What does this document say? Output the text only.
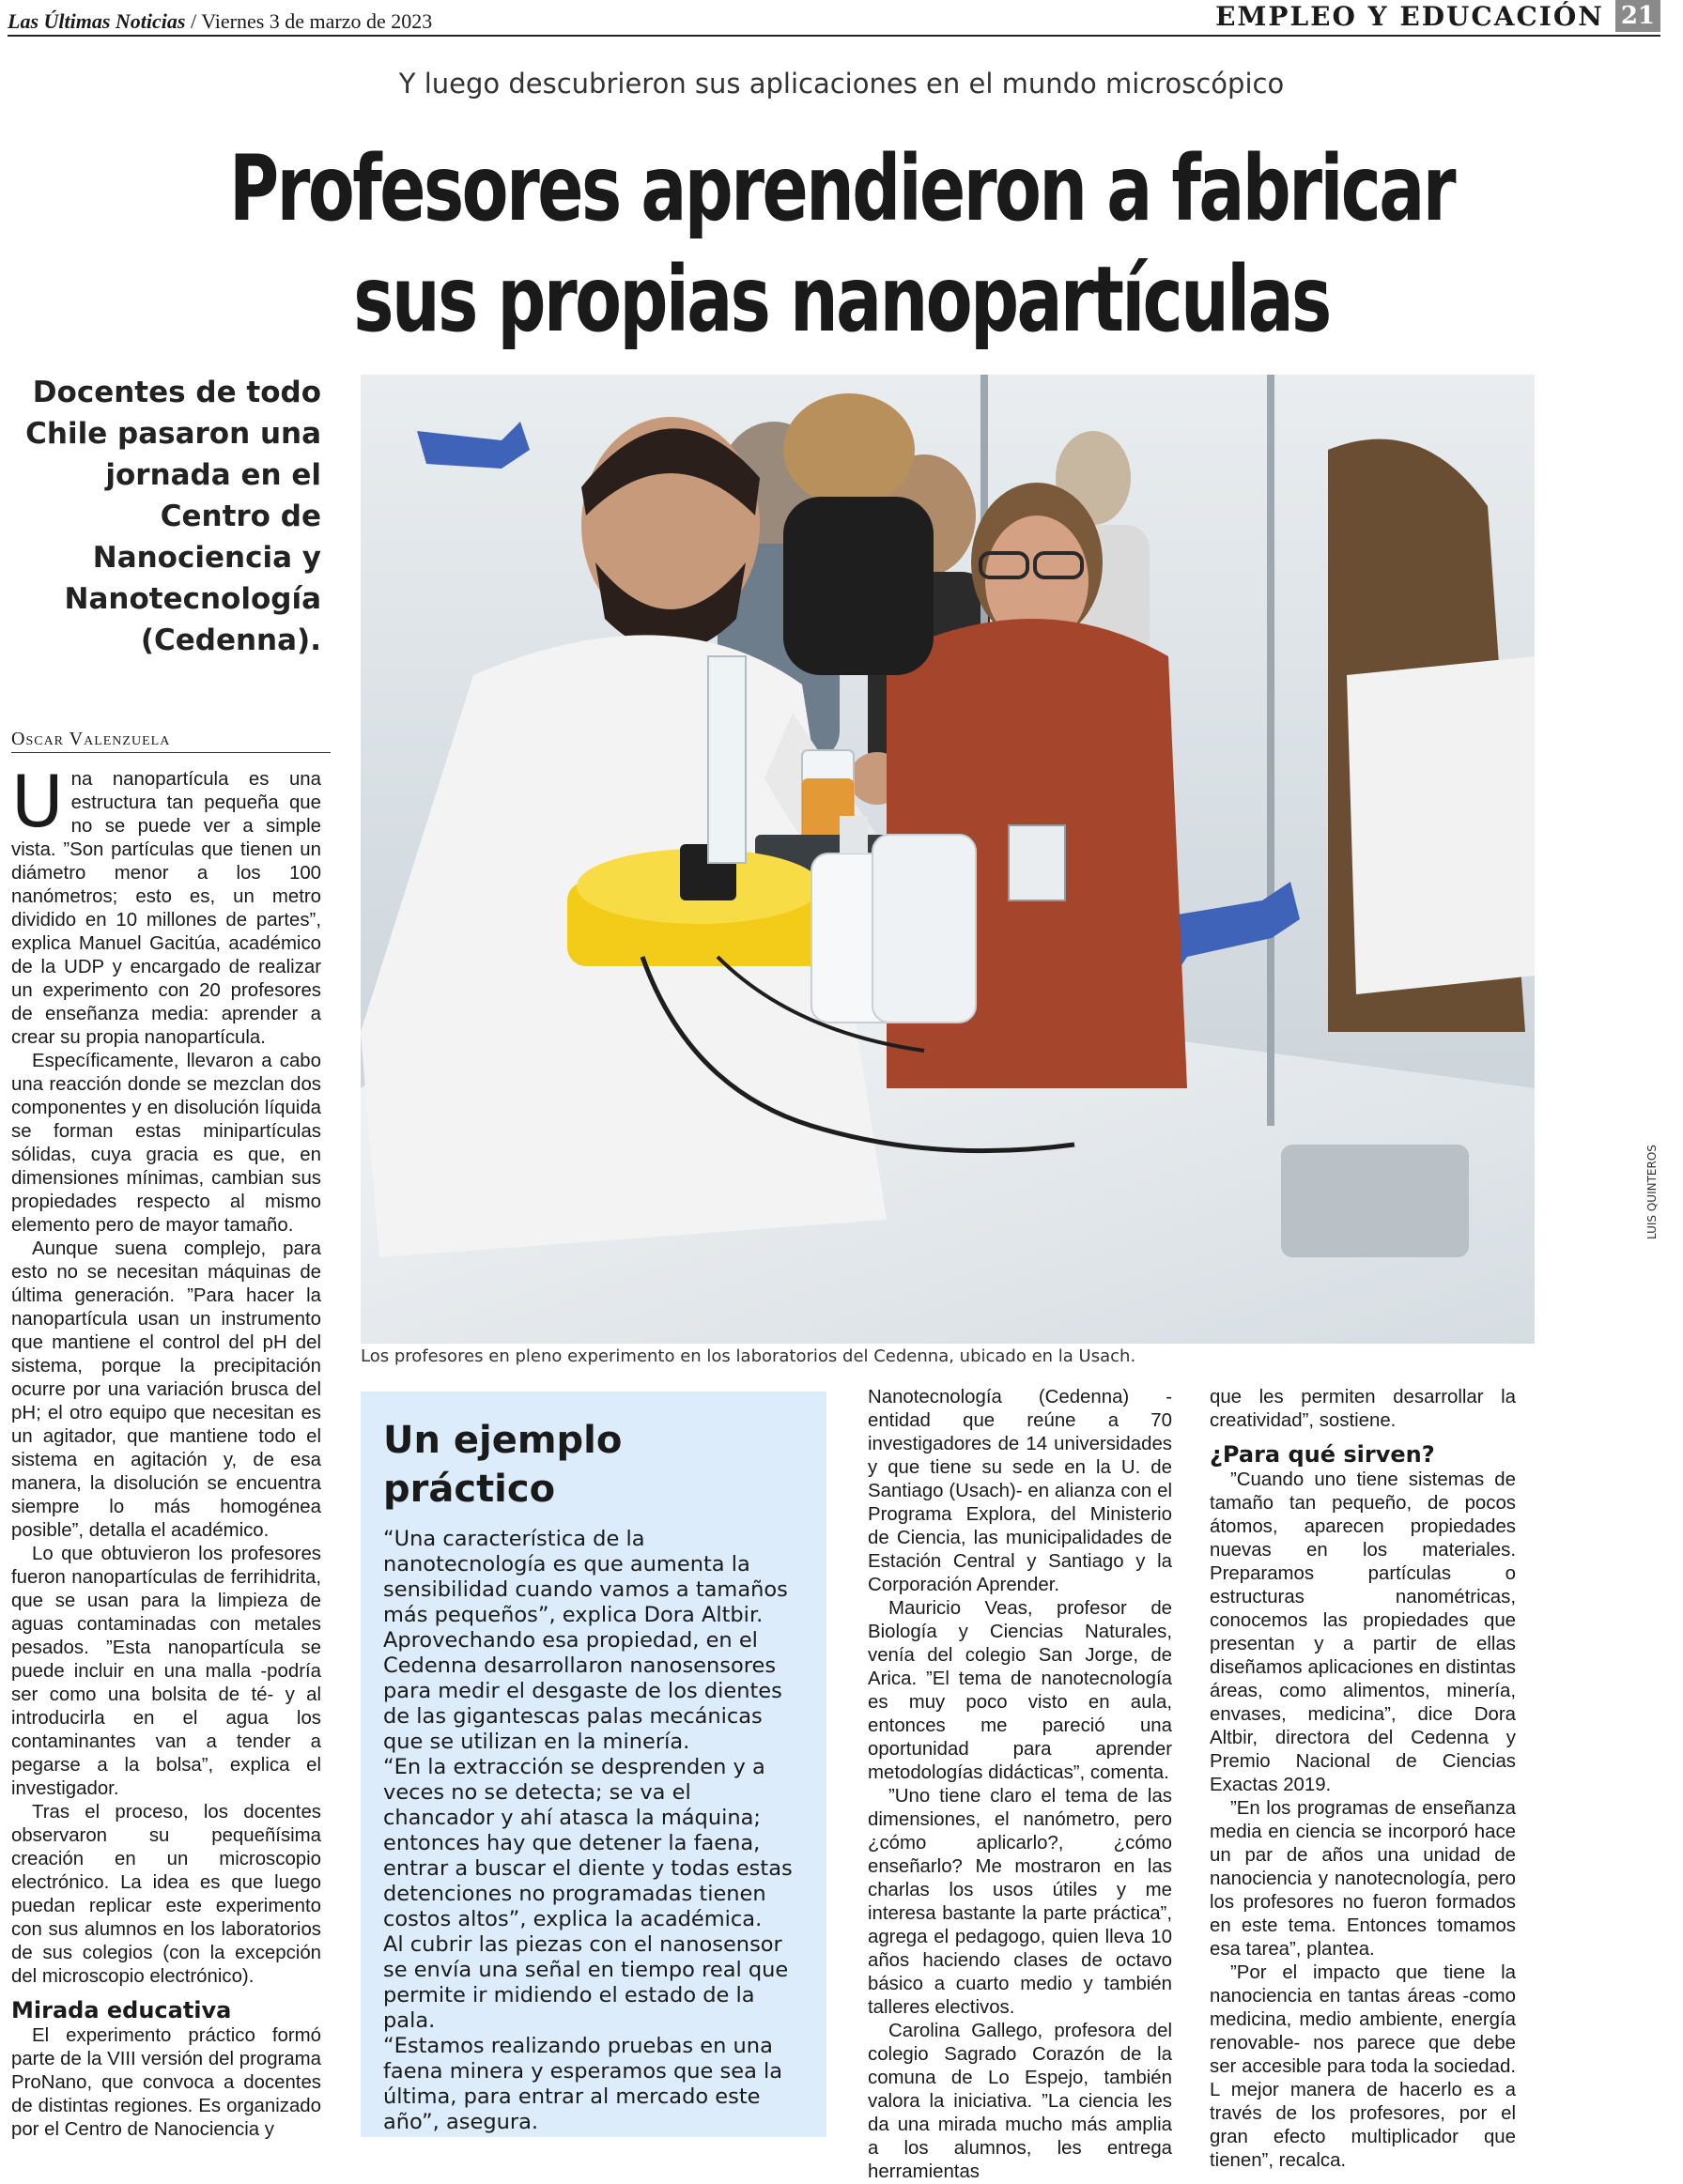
Las Últimas Noticias / Viernes 3 de marzo de 2023	EMPLEO Y EDUCACIÓN 21
Y luego descubrieron sus aplicaciones en el mundo microscópico
Profesores aprendieron a fabricar
sus propias nanopartículas
Docentes de todo Chile pasaron una jornada en el Centro de Nanociencia y Nanotecnología (Cedenna).
Oscar Valenzuela
U na nanopartícula es una estructura tan pequeña que no se puede ver a simple vista. ”Son partículas que tienen un diámetro menor a los 100 nanómetros; esto es, un metro dividido en 10 millones de partes”, explica Manuel Gacitúa, académico de la UDP y encargado de realizar un experimento con 20 profesores de enseñanza media: aprender a crear su propia nanopartícula.

Específicamente, llevaron a cabo una reacción donde se mezclan dos componentes y en disolución líquida se forman estas minipartículas sólidas, cuya gracia es que, en dimensiones mínimas, cambian sus propiedades respecto al mismo elemento pero de mayor tamaño.

Aunque suena complejo, para esto no se necesitan máquinas de última generación. ”Para hacer la nanopartícula usan un instrumento que mantiene el control del pH del sistema, porque la precipitación ocurre por una variación brusca del pH; el otro equipo que necesitan es un agitador, que mantiene todo el sistema en agitación y, de esa manera, la disolución se encuentra siempre lo más homogénea posible”, detalla el académico.

Lo que obtuvieron los profesores fueron nanopartículas de ferrihidrita, que se usan para la limpieza de aguas contaminadas con metales pesados. ”Esta nanopartícula se puede incluir en una malla -podría ser como una bolsita de té- y al introducirla en el agua los contaminantes van a tender a pegarse a la bolsa”, explica el investigador.

Tras el proceso, los docentes observaron su pequeñísima creación en un microscopio electrónico. La idea es que luego puedan replicar este experimento con sus alumnos en los laboratorios de sus colegios (con la excepción del microscopio electrónico).

Mirada educativa

El experimento práctico formó parte de la VIII versión del programa ProNano, que convoca a docentes de distintas regiones. Es organizado por el Centro de Nanociencia y

Los profesores en pleno experimento en los laboratorios del Cedenna, ubicado en la Usach.
LUIS QUINTEROS
Un ejemplo práctico

“Una característica de la nanotecnología es que aumenta la sensibilidad cuando vamos a tamaños más pequeños”, explica Dora Altbir.

Aprovechando esa propiedad, en el Cedenna desarrollaron nanosensores para medir el desgaste de los dientes de las gigantescas palas mecánicas que se utilizan en la minería.

“En la extracción se desprenden y a veces no se detecta; se va el chancador y ahí atasca la máquina; entonces hay que detener la faena, entrar a buscar el diente y todas estas detenciones no programadas tienen costos altos”, explica la académica.

Al cubrir las piezas con el nanosensor se envía una señal en tiempo real que permite ir midiendo el estado de la pala.

“Estamos realizando pruebas en una faena minera y esperamos que sea la última, para entrar al mercado este año”, asegura.

Nanotecnología (Cedenna) -entidad que reúne a 70 investigadores de 14 universidades y que tiene su sede en la U. de Santiago (Usach)- en alianza con el Programa Explora, del Ministerio de Ciencia, las municipalidades de Estación Central y Santiago y la Corporación Aprender.

Mauricio Veas, profesor de Biología y Ciencias Naturales, venía del colegio San Jorge, de Arica. ”El tema de nanotecnología es muy poco visto en aula, entonces me pareció una oportunidad para aprender metodologías didácticas”, comenta.

”Uno tiene claro el tema de las dimensiones, el nanómetro, pero ¿cómo aplicarlo?, ¿cómo enseñarlo? Me mostraron en las charlas los usos útiles y me interesa bastante la parte práctica”, agrega el pedagogo, quien lleva 10 años haciendo clases de octavo básico a cuarto medio y también talleres electivos.

Carolina Gallego, profesora del colegio Sagrado Corazón de la comuna de Lo Espejo, también valora la iniciativa. ”La ciencia les da una mirada mucho más amplia a los alumnos, les entrega herramientas

que les permiten desarrollar la creatividad”, sostiene.

¿Para qué sirven?

”Cuando uno tiene sistemas de tamaño tan pequeño, de pocos átomos, aparecen propiedades nuevas en los materiales. Preparamos partículas o estructuras nanométricas, conocemos las propiedades que presentan y a partir de ellas diseñamos aplicaciones en distintas áreas, como alimentos, minería, envases, medicina”, dice Dora Altbir, directora del Cedenna y Premio Nacional de Ciencias Exactas 2019.

”En los programas de enseñanza media en ciencia se incorporó hace un par de años una unidad de nanociencia y nanotecnología, pero los profesores no fueron formados en este tema. Entonces tomamos esa tarea”, plantea.

”Por el impacto que tiene la nanociencia en tantas áreas -como medicina, medio ambiente, energía renovable- nos parece que debe ser accesible para toda la sociedad. L mejor manera de hacerlo es a través de los profesores, por el gran efecto multiplicador que tienen”, recalca.
